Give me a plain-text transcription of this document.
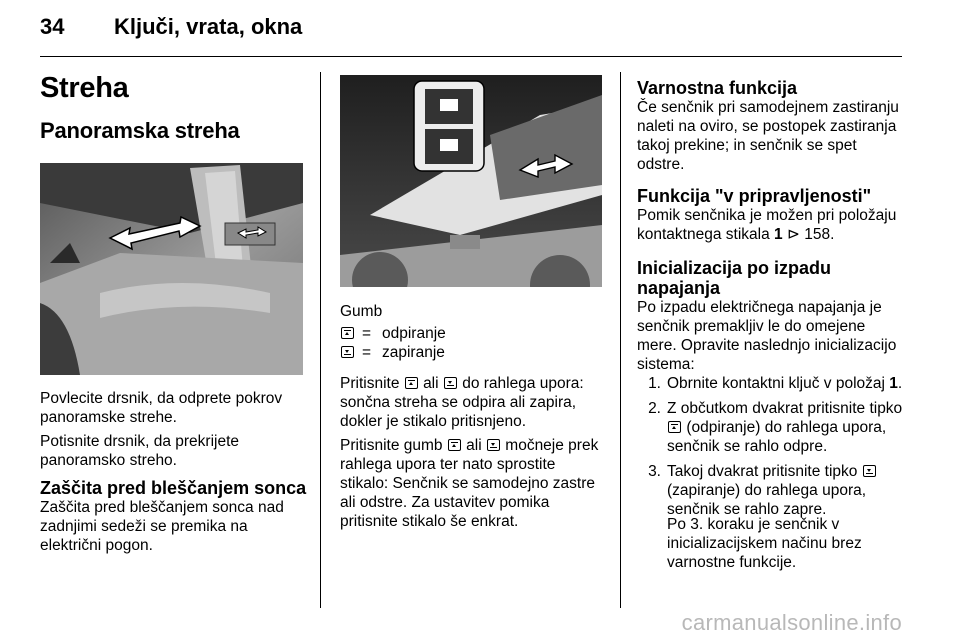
34 Ključi, vrata, okna
Streha
Panoramska streha

Povlecite drsnik, da odprete pokrov panoramske strehe.

Potisnite drsnik, da prekrijete panoramsko streho.

Zaščita pred bleščanjem sonca
Zaščita pred bleščanjem sonca nad zadnjimi sedeži se premika na električni pogon.
Gumb
= odpiranje
= zapiranje

Pritisnite ali do rahlega upora: sončna streha se odpira ali zapira, dokler je stikalo pritisnjeno.

Pritisnite gumb ali močneje prek rahlega upora ter nato sprostite stikalo: Senčnik se samodejno zastre ali odstre. Za ustavitev pomika pritisnite stikalo še enkrat.

Varnostna funkcija
Če senčnik pri samodejnem zastiranju naleti na oviro, se postopek zastiranja takoj prekine; in senčnik se spet odstre.
Funkcija "v pripravljenosti"
Pomik senčnika je možen pri položaju kontaktnega stikala 1 ⊳ 158.
Inicializacija po izpadu napajanja
Po izpadu električnega napajanja je senčnik premakljiv le do omejene mere. Opravite naslednjo inicializacijo sistema:
1. Obrnite kontaktni ključ v položaj 1.
2. Z občutkom dvakrat pritisnite tipko  (odpiranje) do rahlega upora, senčnik se rahlo odpre.
3. Takoj dvakrat pritisnite tipko  (zapiranje) do rahlega upora, senčnik se rahlo zapre.
Po 3. koraku je senčnik v inicializacijskem načinu brez varnostne funkcije.
carmanualsonline.info
